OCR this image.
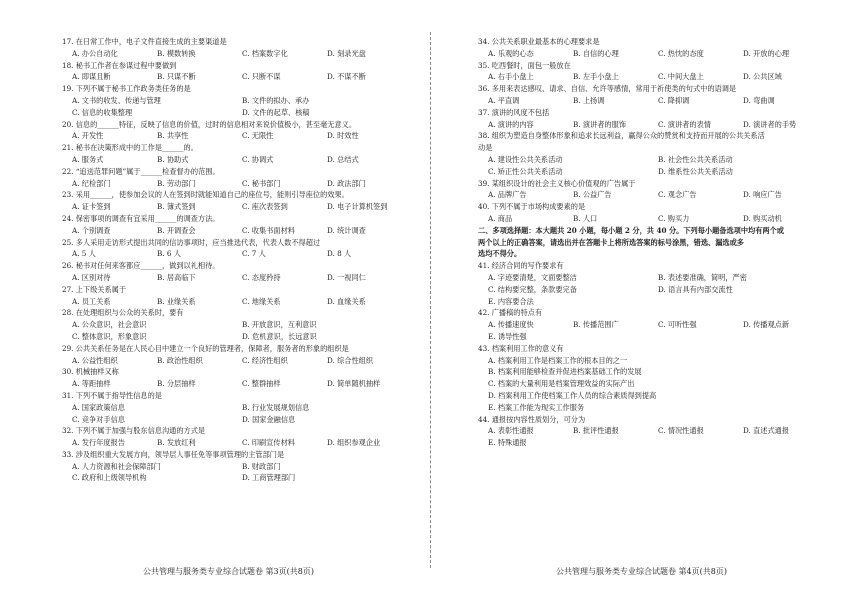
17. 在日常工作中，电子文件直接生成的主要渠道是
A. 办公自动化	B. 模数转换	C. 档案数字化	D. 刻录光盘
18. 秘书工作者在参谋过程中要做到
A. 即谋且断	B. 只谋不断	C. 只断不谋	D. 不谋不断
19. 下列不属于秘书工作政务类任务的是
A. 文书的收发、传递与管理	B. 文件的拟办、承办
C. 信息的收集整理	D. 文件的起草、核稿
20. 信息的______特征，反映了信息的价值，过时的信息相对来说价值极小，甚至毫无意义。
A. 开发性	B. 共享性	C. 无限性	D. 时效性
21. 秘书在决策形成中的工作是______的。
A. 服务式	B. 协助式	C. 协调式	D. 总结式
22. “追送范罪问题”属于______检查督办的范围。
A. 纪检部门	B. 劳动部门	C. 秘书部门	D. 政法部门
23. 采用______，使参加会议的人在签到时就能知道自己的座位号，能则引导座位的效果。
A. 证卡签到	B. 簿式签到	C. 座次表签到	D. 电子计算机签到
24. 保密事项的调查有宜采用______的调查方法。
A. 个别调查	B. 开调查会	C. 收集书面材料	D. 统计调查
25. 多人采用走访形式提出共同的信访事项时，应当推选代表，代表人数不得超过
A. 5 人	B. 6 人	C. 7 人	D. 8 人
26. 秘书对任何来客都应______，做到以礼相待。
A. 区别对待	B. 居高临下	C. 态度矜持	D. 一视同仁
27. 上下级关系属于
A. 员工关系	B. 业缘关系	C. 地缘关系	D. 血缘关系
28. 在处理组织与公众的关系时，要有
A. 公众意识，社会意识	B. 开放意识，互利意识
C. 整体意识，形象意识	D. 危机意识，长远意识
29. 公共关系任务是在人民心目中建立一个良好的管理者，保障者，服务者的形象的组织是
A. 公益性组织	B. 政治性组织	C. 经济性组织	D. 综合性组织
30. 机械抽样又称
A. 等距抽样	B. 分层抽样	C. 整群抽样	D. 简单随机抽样
31. 下列不属于指导性信息的是
A. 国家政策信息	B. 行业发展规划信息
C. 竞争对手信息	D. 国家金融信息
32. 下列不属于加强与股东信息沟通的方式是
A. 发行年度报告	B. 发放红利	C. 印刷宣传材料	D. 组织参观企业
33. 涉及组织重大发展方向，领导层人事任免等事项管理的主管部门是
A. 人力资源和社会保障部门	B. 财政部门
C. 政府和上级领导机构	D. 工商管理部门
公共管理与服务类专业综合试题卷 第3页(共8页)
34. 公共关系职业最基本的心理要求是
A. 乐观的心态	B. 自信的心理	C. 热忱的态度	D. 开放的心理
35. 吃西餐时，面包一般放在
A. 右手小盘上	B. 左手小盘上	C. 中间大盘上	D. 公共区域
36. 多用来表达感叹、请求、自信、允许等感情，常用于祈使类的句式中的语调是
A. 平直调	B. 上扬调	C. 降抑调	D. 弯曲调
37. 演讲的风度不包括
A. 演讲的内容	B. 演讲者的服饰	C. 演讲者的表情	D. 演讲者的手势
38. 组织为塑造自身整体形象和追求长远利益，赢得公众的赞赏和支持而开展的公共关系活
动是
A. 建设性公共关系活动	B. 社会性公共关系活动
C. 矫正性公共关系活动	D. 维系性公共关系活动
39. 某组织设计的社会主义核心价值观的广告属于
A. 品牌广告	B. 公益广告	C. 观念广告	D. 响应广告
40. 下列不属于市场构成要素的是
A. 商品	B. 人口	C. 购买力	D. 购买动机
二、多项选择题：本大题共 20 小题，每小题 2 分，共 40 分。下列每小题备选项中均有两个或
两个以上的正确答案，请选出并在答题卡上将所选答案的标号涂黑，错选、漏选或多
选均不得分。
41. 经济合同的写作要求有
A. 字迹要清楚，文面要整洁	B. 表述要准确，简明，严密
C. 结构要完整，条款要完备	D. 语言具有内部交流性
E. 内容要合法
42. 广播稿的特点有
A. 传播速度快	B. 传播范围广	C. 可听性强	D. 传播观点新
E. 诱导性强
43. 档案利用工作的意义有
A. 档案利用工作是档案工作的根本目的之一
B. 档案利用能够检查并促进档案基础工作的发展
C. 档案的大量利用是档案管理效益的实际产出
D. 档案利用工作使档案工作人员的综合素质得到提高
E. 档案工作能为现实工作服务
44. 通报按内容性质划分，可分为
A. 表彰性通报	B. 批评性通报	C. 情况性通报	D. 直述式通报
E. 特殊通报
公共管理与服务类专业综合试题卷 第4页(共8页)
